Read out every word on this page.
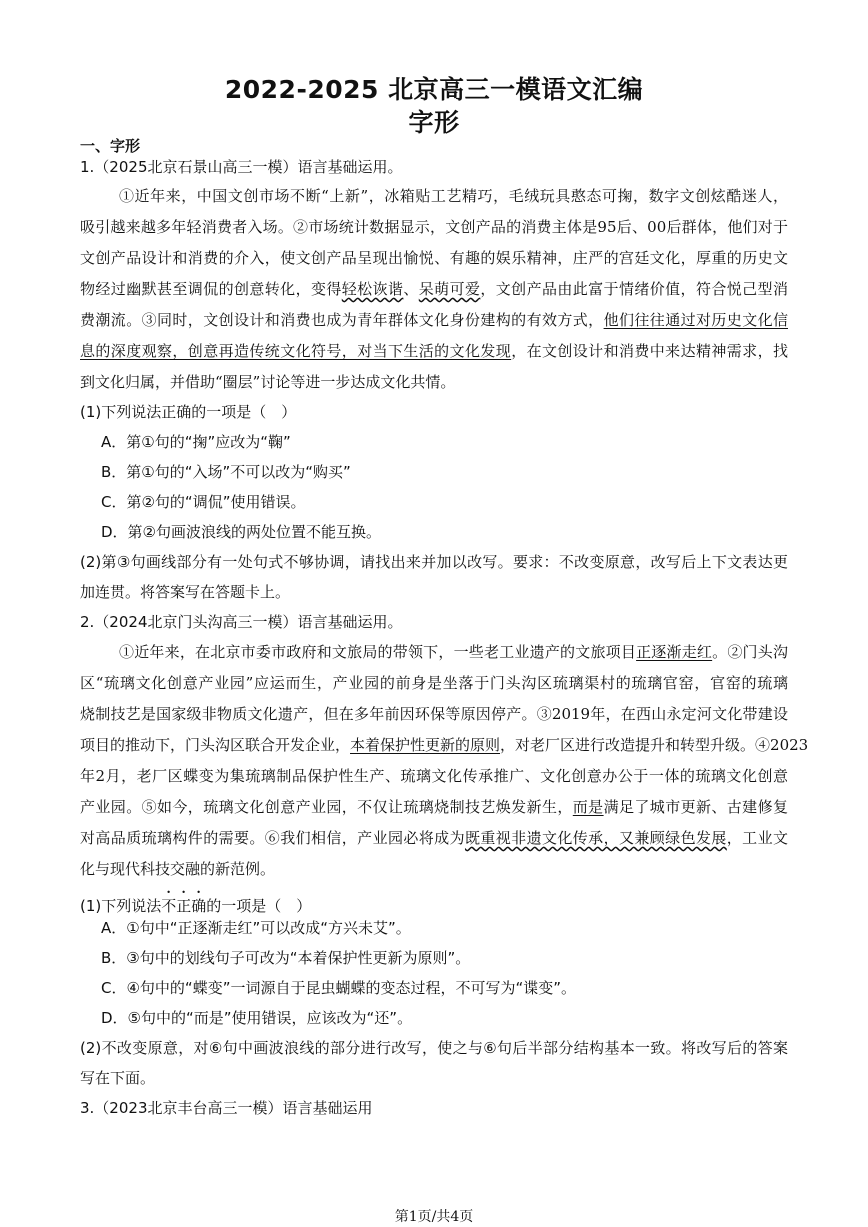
2022-2025 北京高三一模语文汇编
字形
一、字形
1.（2025北京石景山高三一模）语言基础运用。
①近年来，中国文创市场不断“上新”，冰箱贴工艺精巧，毛绒玩具憨态可掬，数字文创炫酷迷人，
吸引越来越多年轻消费者入场。②市场统计数据显示，文创产品的消费主体是95后、00后群体，他们对于
文创产品设计和消费的介入，使文创产品呈现出愉悦、有趣的娱乐精神，庄严的宫廷文化，厚重的历史文
物经过幽默甚至调侃的创意转化，变得轻松诙谐、呆萌可爱，文创产品由此富于情绪价值，符合悦己型消
费潮流。③同时，文创设计和消费也成为青年群体文化身份建构的有效方式，他们往往通过对历史文化信
息的深度观察，创意再造传统文化符号，对当下生活的文化发现，在文创设计和消费中来达精神需求，找
到文化归属，并借助“圈层”讨论等进一步达成文化共情。
(1)下列说法正确的一项是（　）
A．第①句的“掬”应改为“鞠”
B．第①句的“入场”不可以改为“购买”
C．第②句的“调侃”使用错误。
D．第②句画波浪线的两处位置不能互换。
(2)第③句画线部分有一处句式不够协调，请找出来并加以改写。要求：不改变原意，改写后上下文表达更
加连贯。将答案写在答题卡上。
2.（2024北京门头沟高三一模）语言基础运用。
①近年来，在北京市委市政府和文旅局的带领下，一些老工业遗产的文旅项目正逐渐走红。②门头沟
区“琉璃文化创意产业园”应运而生，产业园的前身是坐落于门头沟区琉璃渠村的琉璃官窑，官窑的琉璃
烧制技艺是国家级非物质文化遗产，但在多年前因环保等原因停产。③2019年，在西山永定河文化带建设
项目的推动下，门头沟区联合开发企业，本着保护性更新的原则，对老厂区进行改造提升和转型升级。④2023
年2月，老厂区蝶变为集琉璃制品保护性生产、琉璃文化传承推广、文化创意办公于一体的琉璃文化创意
产业园。⑤如今，琉璃文化创意产业园，不仅让琉璃烧制技艺焕发新生，而是满足了城市更新、古建修复
对高品质琉璃构件的需要。⑥我们相信，产业园必将成为既重视非遗文化传承，又兼顾绿色发展，工业文
化与现代科技交融的新范例。
(1)下列说法不正确的一项是（　）
A．①句中“正逐渐走红”可以改成“方兴未艾”。
B．③句中的划线句子可改为“本着保护性更新为原则”。
C．④句中的“蝶变”一词源自于昆虫蝴蝶的变态过程，不可写为“谍变”。
D．⑤句中的“而是”使用错误，应该改为“还”。
(2)不改变原意，对⑥句中画波浪线的部分进行改写，使之与⑥句后半部分结构基本一致。将改写后的答案
写在下面。
3.（2023北京丰台高三一模）语言基础运用
第1页/共4页
